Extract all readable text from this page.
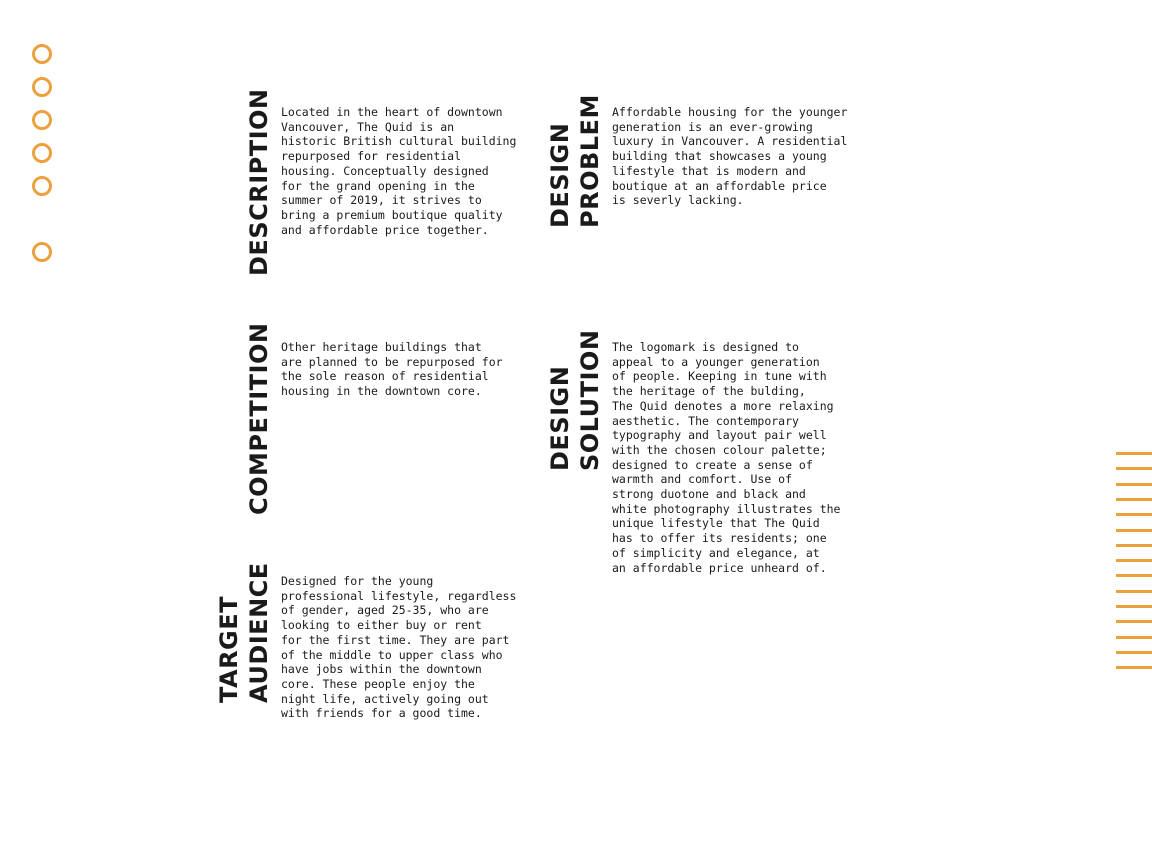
DESCRIPTION Located in the heart of downtown
Vancouver, The Quid is an
historic British cultural building
repurposed for residential
housing. Conceptually designed
for the grand opening in the
summer of 2019, it strives to
bring a premium boutique quality
and affordable price together.

DESIGN
PROBLEM Affordable housing for the younger
generation is an ever-growing
luxury in Vancouver. A residential
building that showcases a young
lifestyle that is modern and
boutique at an affordable price
is severly lacking.

COMPETITION Other heritage buildings that
are planned to be repurposed for
the sole reason of residential
housing in the downtown core.	DESIGN
SOLUTION The logomark is designed to
appeal to a younger generation
of people. Keeping in tune with
the heritage of the bulding,
The Quid denotes a more relaxing
aesthetic. The contemporary
typography and layout pair well
with the chosen colour palette;
designed to create a sense of
warmth and comfort. Use of
strong duotone and black and
white photography illustrates the
unique lifestyle that The Quid
has to offer its residents; one
of simplicity and elegance, at
an affordable price unheard of.

TARGET
AUDIENCE Designed for the young
professional lifestyle, regardless
of gender, aged 25-35, who are
looking to either buy or rent
for the first time. They are part
of the middle to upper class who
have jobs within the downtown
core. These people enjoy the
night life, actively going out
with friends for a good time.
